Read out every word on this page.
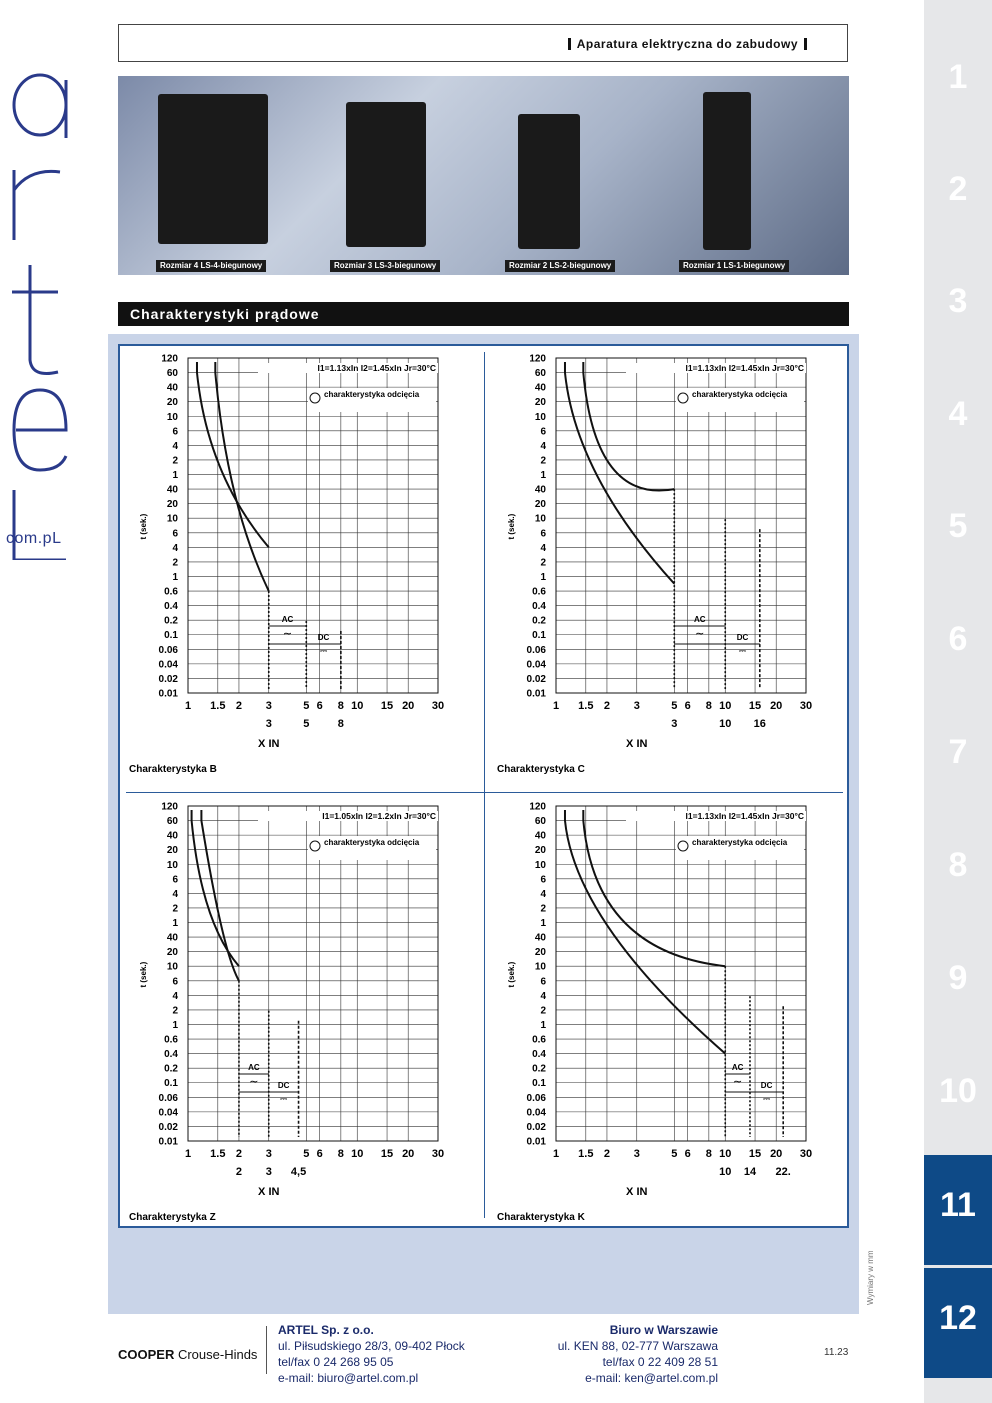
com.pL
Aparatura elektryczna do zabudowy
Rozmiar 4 LS-4-biegunowy	Rozmiar 3 LS-3-biegunowy	Rozmiar 2 LS-2-biegunowy	Rozmiar 1 LS-1-biegunowy
Charakterystyki prądowe
120
60
40
20
10
6
4
2
1
40
20
10
6
4
2
1
0.6
0.4
0.2
0.1
0.06
0.04
0.02
0.01
1 1.5 2 3	5 6 8 10 15 20 30
3	5	8
X IN
t (sek.)
I1=1.13xIn I2=1.45xIn Jr=30°C
charakterystyka odcięcia
AC
∼	DC
⎓
Charakterystyka B
120
60
40
20
10
6
4
2
1
40
20
10
6
4
2
1
0.6
0.4
0.2
0.1
0.06
0.04
0.02
0.01
1 1.5 2 3	5 6 8 10 15 20 30
3	10 16
X IN
t (sek.)
I1=1.13xIn I2=1.45xIn Jr=30°C
charakterystyka odcięcia
AC
∼	DC
⎓
Charakterystyka C
120
60
40
20
10
6
4
2
1
40
20
10
6
4
2
1
0.6
0.4
0.2
0.1
0.06
0.04
0.02
0.01
1 1.5 2 3	5 6 8 10 15 20 30
2 3 4,5
X IN
t (sek.)
I1=1.05xIn I2=1.2xIn Jr=30°C
charakterystyka odcięcia
AC
∼ DC
⎓
Charakterystyka Z
120
60
40
20
10
6
4
2
1
40
20
10
6
4
2
1
0.6
0.4
0.2
0.1
0.06
0.04
0.02
0.01
1 1.5 2 3	5 6 8 10 15 20 30
10 14 22.
X IN
t (sek.)
I1=1.13xIn I2=1.45xIn Jr=30°C
charakterystyka odcięcia
AC
∼ DC
⎓
Charakterystyka K
1
2
3
4
5
6
7
8
9
10
11
12
Wymiary w mm
COOPER Crouse-Hinds
ARTEL Sp. z o.o.
ul. Piłsudskiego 28/3, 09-402 Płock
tel/fax 0 24 268 95 05
e-mail: biuro@artel.com.pl
Biuro w Warszawie
ul. KEN 88, 02-777 Warszawa
tel/fax 0 22 409 28 51
e-mail: ken@artel.com.pl
11.23
